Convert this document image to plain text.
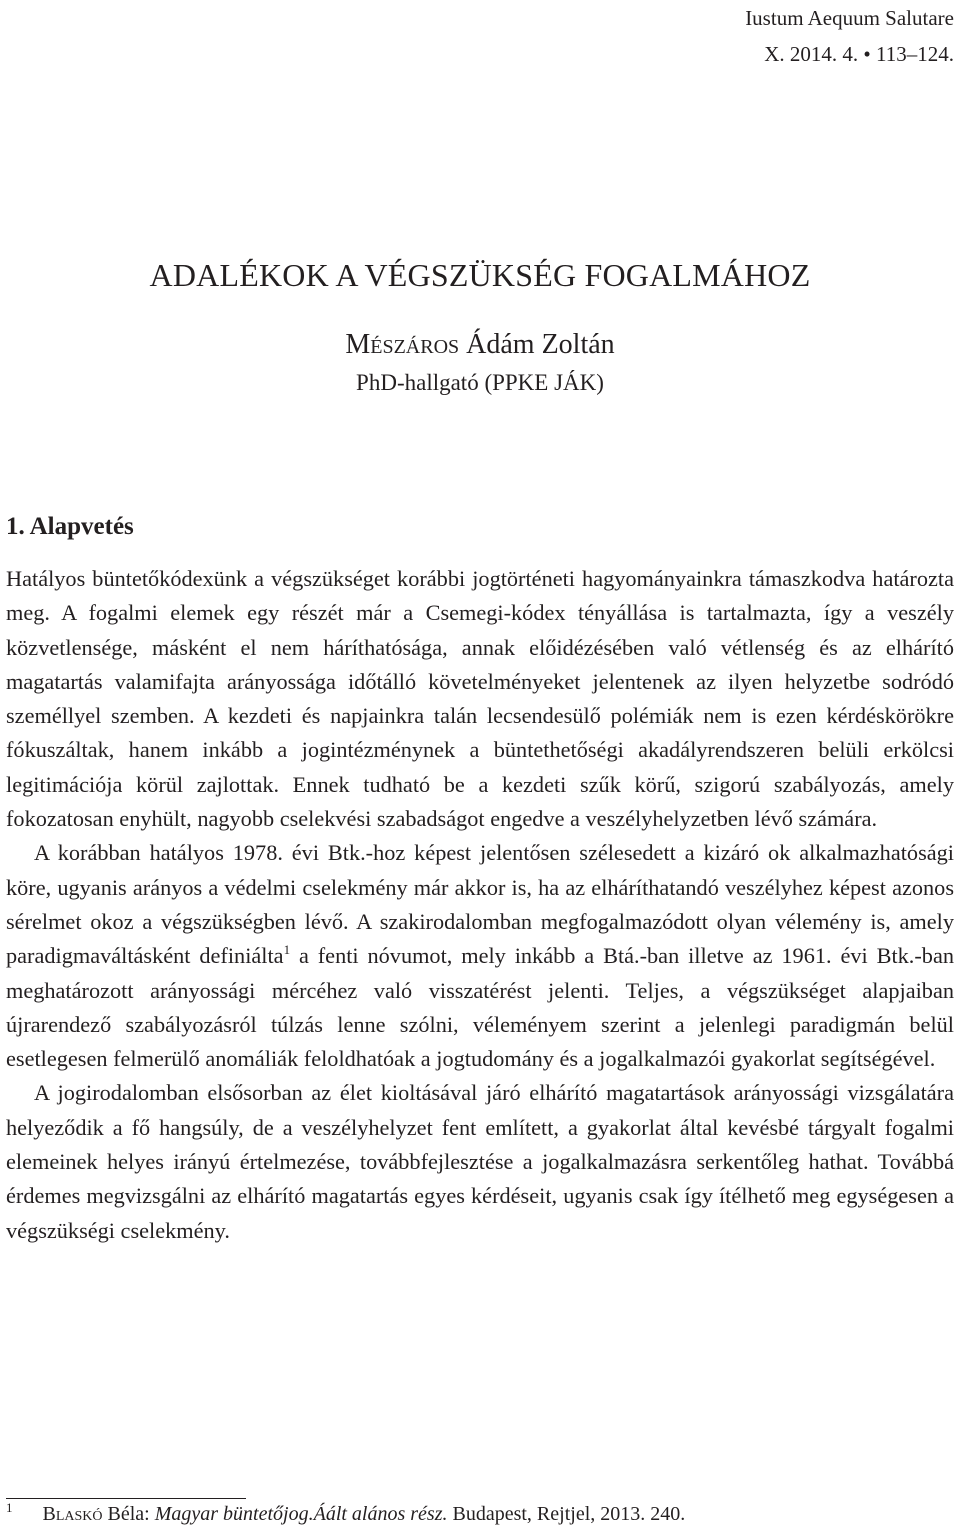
Iustum Aequum Salutare
X. 2014. 4. • 113–124.
ADALÉKOK A VÉGSZÜKSÉG FOGALMÁHOZ
Mészáros Ádám Zoltán
PhD-hallgató (PPKE JÁK)
1. Alapvetés

Hatályos büntetőkódexünk a végszükséget korábbi jogtörténeti hagyományainkra támaszkodva határozta meg. A fogalmi elemek egy részét már a Csemegi-kódex tényállása is tartalmazta, így a veszély közvetlensége, másként el nem háríthatósága, annak előidézésében való vétlenség és az elhárító magatartás valamifajta arányossága időtálló követelményeket jelentenek az ilyen helyzetbe sodródó személlyel szemben. A kezdeti és napjainkra talán lecsendesülő polémiák nem is ezen kérdéskörökre fókuszáltak, hanem inkább a jogintézménynek a büntethetőségi akadályrendszeren belüli erkölcsi legitimációja körül zajlottak. Ennek tudható be a kezdeti szűk körű, szigorú szabályozás, amely fokozatosan enyhült, nagyobb cselekvési szabadságot engedve a veszélyhelyzetben lévő számára.

A korábban hatályos 1978. évi Btk.-hoz képest jelentősen szélesedett a kizáró ok alkalmazhatósági köre, ugyanis arányos a védelmi cselekmény már akkor is, ha az elháríthatandó veszélyhez képest azonos sérelmet okoz a végszükségben lévő. A szakirodalomban megfogalmazódott olyan vélemény is, amely paradigmaváltásként definiálta$^1$ a fenti nóvumot, mely inkább a Btá.-ban illetve az 1961. évi Btk.-ban meghatározott arányossági mércéhez való visszatérést jelenti. Teljes, a végszükséget alapjaiban újrarendező szabályozásról túlzás lenne szólni, véleményem szerint a jelenlegi paradigmán belül esetlegesen felmerülő anomáliák feloldhatóak a jogtudomány és a jogalkalmazói gyakorlat segítségével.

A jogirodalomban elsősorban az élet kioltásával járó elhárító magatartások arányossági vizsgálatára helyeződik a fő hangsúly, de a veszélyhelyzet fent említett, a gyakorlat által kevésbé tárgyalt fogalmi elemeinek helyes irányú értelmezése, továbbfejlesztése a jogalkalmazásra serkentőleg hathat. Továbbá érdemes megvizsgálni az elhárító magatartás egyes kérdéseit, ugyanis csak így ítélhető meg egységesen a végszükségi cselekmény.

$^1$ Blaskó Béla: Magyar büntetőjog.Áált alános rész. Budapest, Rejtjel, 2013. 240.
